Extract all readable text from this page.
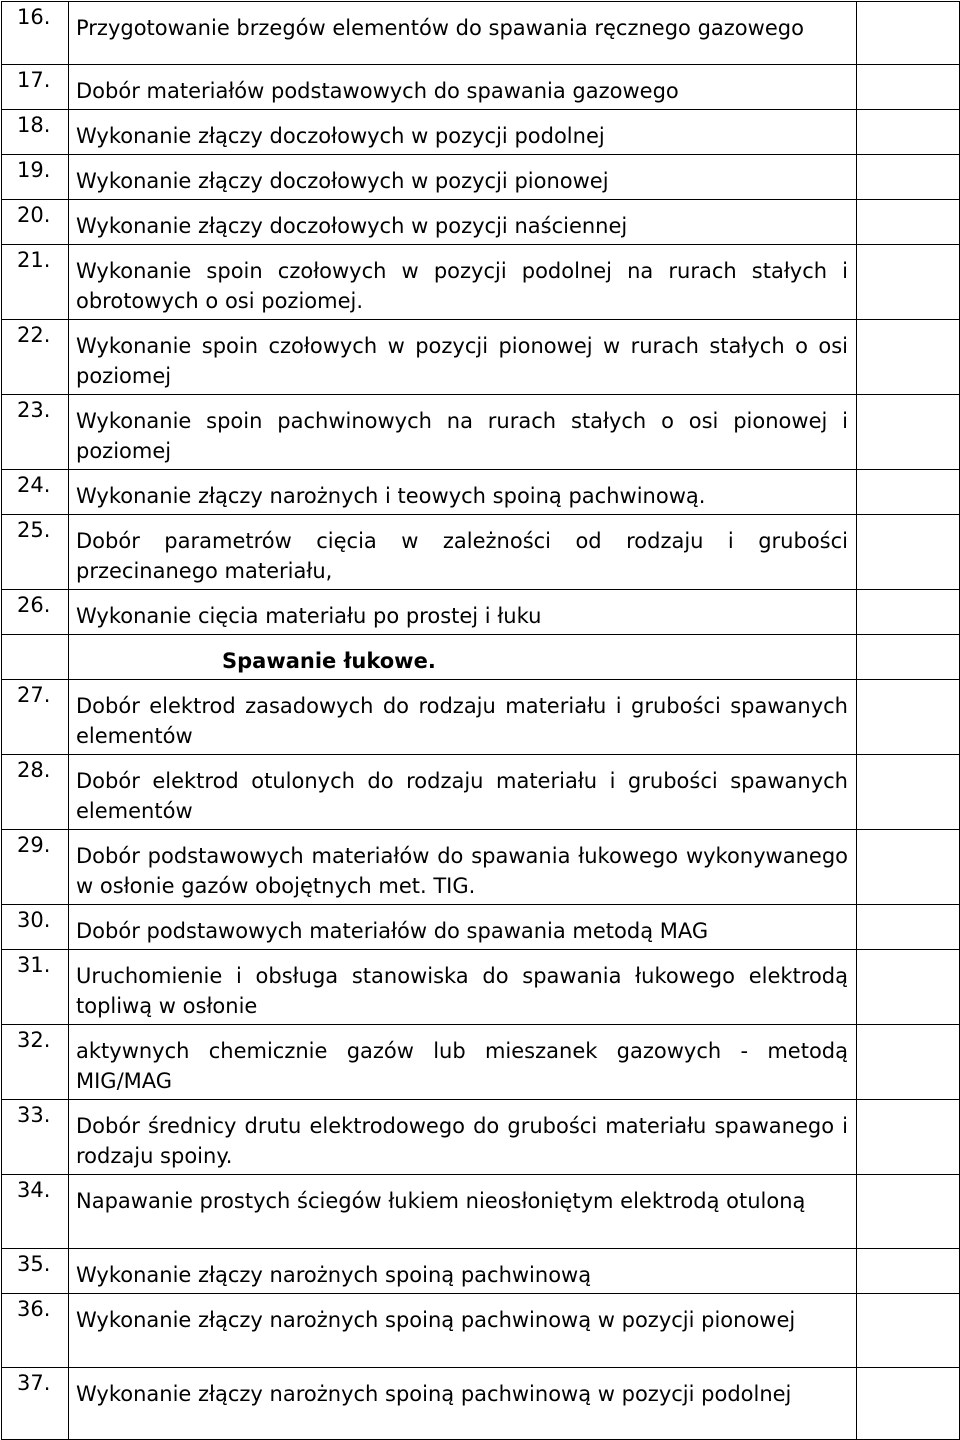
16.	Przygotowanie brzegów elementów do spawania ręcznego gazowego	

17.	Dobór materiałów podstawowych do spawania gazowego	

18.	Wykonanie złączy doczołowych w pozycji podolnej	

19.	Wykonanie złączy doczołowych w pozycji pionowej	

20.	Wykonanie złączy doczołowych w pozycji naściennej	

21.	Wykonanie spoin czołowych w pozycji podolnej na rurach stałych i obrotowych o osi poziomej.	

22.	Wykonanie spoin czołowych w pozycji pionowej w rurach stałych o osi poziomej	

23.	Wykonanie spoin pachwinowych na rurach stałych o osi pionowej i poziomej	

24.	Wykonanie złączy narożnych i teowych spoiną pachwinową.	

25.	Dobór parametrów cięcia w zależności od rodzaju i grubości przecinanego materiału,	

26.	Wykonanie cięcia materiału po prostej i łuku	

	Spawanie łukowe.	

27.	Dobór elektrod zasadowych do rodzaju materiału i grubości spawanych elementów	

28.	Dobór elektrod otulonych do rodzaju materiału i grubości spawanych elementów	

29.	Dobór podstawowych materiałów do spawania łukowego wykonywanego w osłonie gazów obojętnych met. TIG.	

30.	Dobór podstawowych materiałów do spawania metodą MAG	

31.	Uruchomienie i obsługa stanowiska do spawania łukowego elektrodą topliwą w osłonie	

32.	aktywnych chemicznie gazów lub mieszanek gazowych - metodą MIG/MAG	

33.	Dobór średnicy drutu elektrodowego do grubości materiału spawanego i rodzaju spoiny.	

34.	Napawanie prostych ściegów łukiem nieosłoniętym elektrodą otuloną	

35.	Wykonanie złączy narożnych spoiną pachwinową	

36.	Wykonanie złączy narożnych spoiną pachwinową w pozycji pionowej	

37.	Wykonanie złączy narożnych spoiną pachwinową w pozycji podolnej	
